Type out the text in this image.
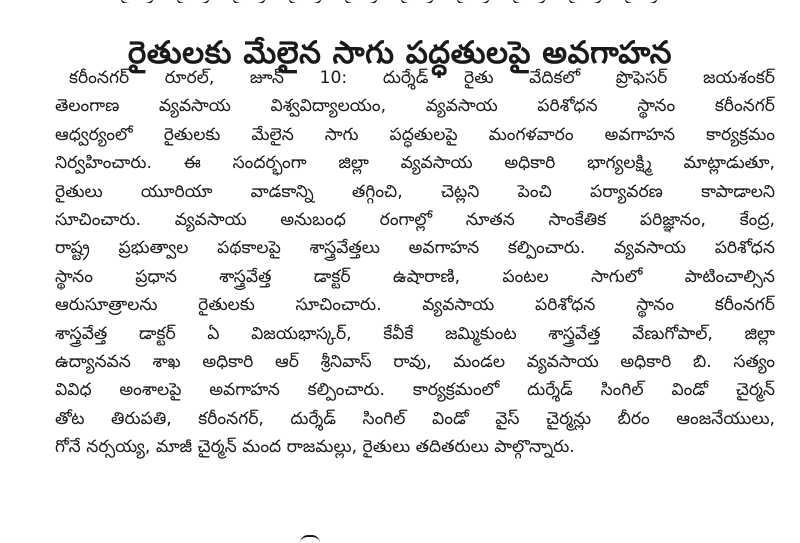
రైతులకు మేలైన సాగు పద్ధతులపై అవగాహన
కరీంనగర్ రూరల్, జూన్ 10: దుర్శేడ్ రైతు వేదికలో ప్రొఫెసర్ జయశంకర్
తెలంగాణ వ్యవసాయ విశ్వవిద్యాలయం, వ్యవసాయ పరిశోధన స్థానం కరీంనగర్
ఆధ్వర్యంలో రైతులకు మేలైన సాగు పద్ధతులపై మంగళవారం అవగాహన కార్యక్రమం
నిర్వహించారు. ఈ సందర్భంగా జిల్లా వ్యవసాయ అధికారి భాగ్యలక్ష్మి మాట్లాడుతూ,
రైతులు యూరియా వాడకాన్ని తగ్గించి, చెట్లని పెంచి పర్యావరణ కాపాడాలని
సూచించారు. వ్యవసాయ అనుబంధ రంగాల్లో నూతన సాంకేతిక పరిజ్ఞానం, కేంద్ర,
రాష్ట్ర ప్రభుత్వాల పథకాలపై శాస్త్రవేత్తలు అవగాహన కల్పించారు. వ్యవసాయ పరిశోధన
స్థానం ప్రధాన శాస్త్రవేత్త డాక్టర్ ఉషారాణి, పంటల సాగులో పాటించాల్సిన
ఆరుసూత్రాలను రైతులకు సూచించారు. వ్యవసాయ పరిశోధన స్థానం కరీంనగర్
శాస్త్రవేత్త డాక్టర్ ఏ విజయభాస్కర్, కేవీకే జమ్మికుంట శాస్త్రవేత్త వేణుగోపాల్, జిల్లా
ఉద్యానవన శాఖ అధికారి ఆర్ శ్రీనివాస్ రావు, మండల వ్యవసాయ అధికారి బి. సత్యం
వివిధ అంశాలపై అవగాహన కల్పించారు. కార్యక్రమంలో దుర్శేడ్ సింగిల్ విండో చైర్మన్
తోట తిరుపతి, కరీంనగర్, దుర్శేడ్ సింగిల్ విండో వైస్ చైర్మన్లు బీరం ఆంజనేయులు,
గోనే నర్సయ్య, మాజీ చైర్మన్ మంద రాజమల్లు, రైతులు తదితరులు పాల్గొన్నారు.
